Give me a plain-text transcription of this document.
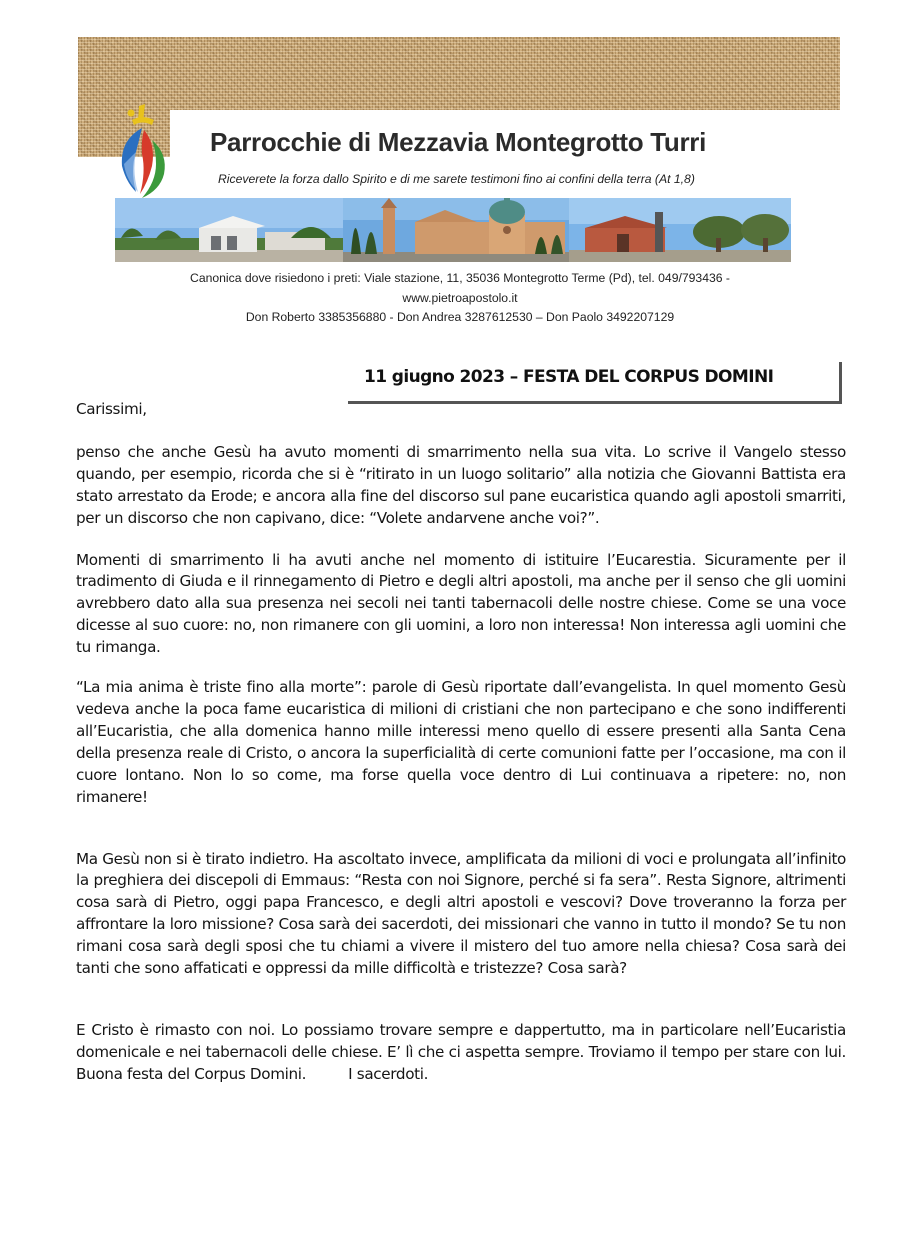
Parrocchie di Mezzavia Montegrotto Turri
Riceverete la forza dallo Spirito e di me sarete testimoni fino ai confini della terra (At 1,8)
Canonica dove risiedono i preti: Viale stazione, 11, 35036 Montegrotto Terme (Pd), tel. 049/793436 -
www.pietroapostolo.it
Don Roberto 3385356880 - Don Andrea 3287612530 – Don Paolo 3492207129
11 giugno 2023 – FESTA DEL CORPUS DOMINI

Carissimi,

penso che anche Gesù ha avuto momenti di smarrimento nella sua vita. Lo scrive il Vangelo stesso quando, per esempio, ricorda che si è “ritirato in un luogo solitario” alla notizia che Giovanni Battista era stato arrestato da Erode; e ancora alla fine del discorso sul pane eucaristica quando agli apostoli smarriti, per un discorso che non capivano, dice: “Volete andarvene anche voi?”.

Momenti di smarrimento li ha avuti anche nel momento di istituire l’Eucarestia. Sicuramente per il tradimento di Giuda e il rinnegamento di Pietro e degli altri apostoli, ma anche per il senso che gli uomini avrebbero dato alla sua presenza nei secoli nei tanti tabernacoli delle nostre chiese. Come se una voce dicesse al suo cuore: no, non rimanere con gli uomini, a loro non interessa! Non interessa agli uomini che tu rimanga.

“La mia anima è triste fino alla morte”: parole di Gesù riportate dall’evangelista. In quel momento Gesù vedeva anche la poca fame eucaristica di milioni di cristiani che non partecipano e che sono indifferenti all’Eucaristia, che alla domenica hanno mille interessi meno quello di essere presenti alla Santa Cena della presenza reale di Cristo, o ancora la superficialità di certe comunioni fatte per l’occasione, ma con il cuore lontano. Non lo so come, ma forse quella voce dentro di Lui continuava a ripetere: no, non rimanere!

Ma Gesù non si è tirato indietro. Ha ascoltato invece, amplificata da milioni di voci e prolungata all’infinito la preghiera dei discepoli di Emmaus: “Resta con noi Signore, perché si fa sera”. Resta Signore, altrimenti cosa sarà di Pietro, oggi papa Francesco, e degli altri apostoli e vescovi? Dove troveranno la forza per affrontare la loro missione? Cosa sarà dei sacerdoti, dei missionari che vanno in tutto il mondo? Se tu non rimani cosa sarà degli sposi che tu chiami a vivere il mistero del tuo amore nella chiesa? Cosa sarà dei tanti che sono affaticati e oppressi da mille difficoltà e tristezze? Cosa sarà?

E Cristo è rimasto con noi. Lo possiamo trovare sempre e dappertutto, ma in particolare nell’Eucaristia domenicale e nei tabernacoli delle chiese. E’ lì che ci aspetta sempre. Troviamo il tempo per stare con lui. Buona festa del Corpus Domini.	I sacerdoti.
